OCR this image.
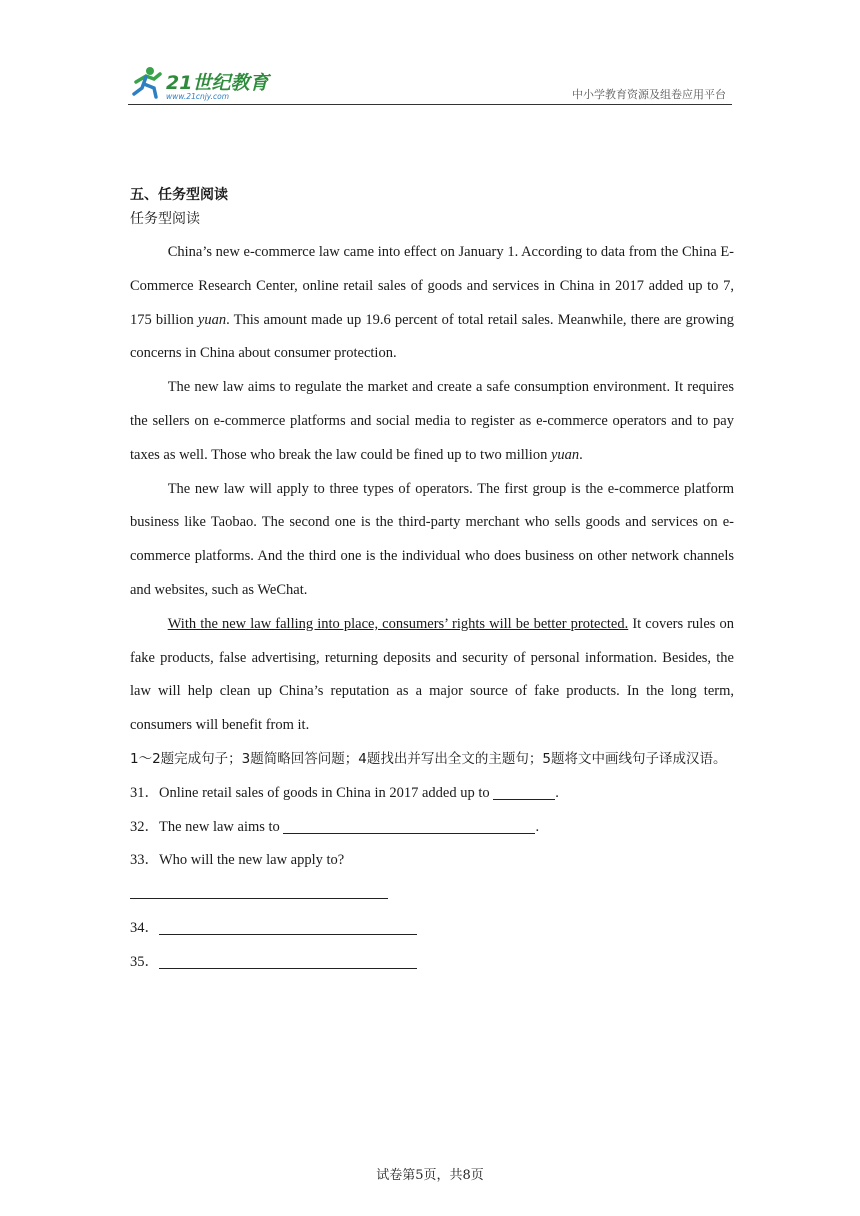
21世纪教育
www.21cnjy.com	中小学教育资源及组卷应用平台

五、任务型阅读

任务型阅读

China’s new e-commerce law came into effect on January 1. According to data from the China E-Commerce Research Center, online retail sales of goods and services in China in 2017 added up to 7, 175 billion yuan. This amount made up 19.6 percent of total retail sales. Meanwhile, there are growing concerns in China about consumer protection.

The new law aims to regulate the market and create a safe consumption environment. It requires the sellers on e-commerce platforms and social media to register as e-commerce operators and to pay taxes as well. Those who break the law could be fined up to two million yuan.

The new law will apply to three types of operators. The first group is the e-commerce platform business like Taobao. The second one is the third-party merchant who sells goods and services on e-commerce platforms. And the third one is the individual who does business on other network channels and websites, such as WeChat.

With the new law falling into place, consumers’ rights will be better protected. It covers rules on fake products, false advertising, returning deposits and security of personal information. Besides, the law will help clean up China’s reputation as a major source of fake products. In the long term, consumers will benefit from it.

1～2题完成句子；3题简略回答问题；4题找出并写出全文的主题句；5题将文中画线句子译成汉语。

31．Online retail sales of goods in China in 2017 added up to	.

32．The new law aims to	.

33．Who will the new law apply to?

34．

35．

试卷第5页，共8页
